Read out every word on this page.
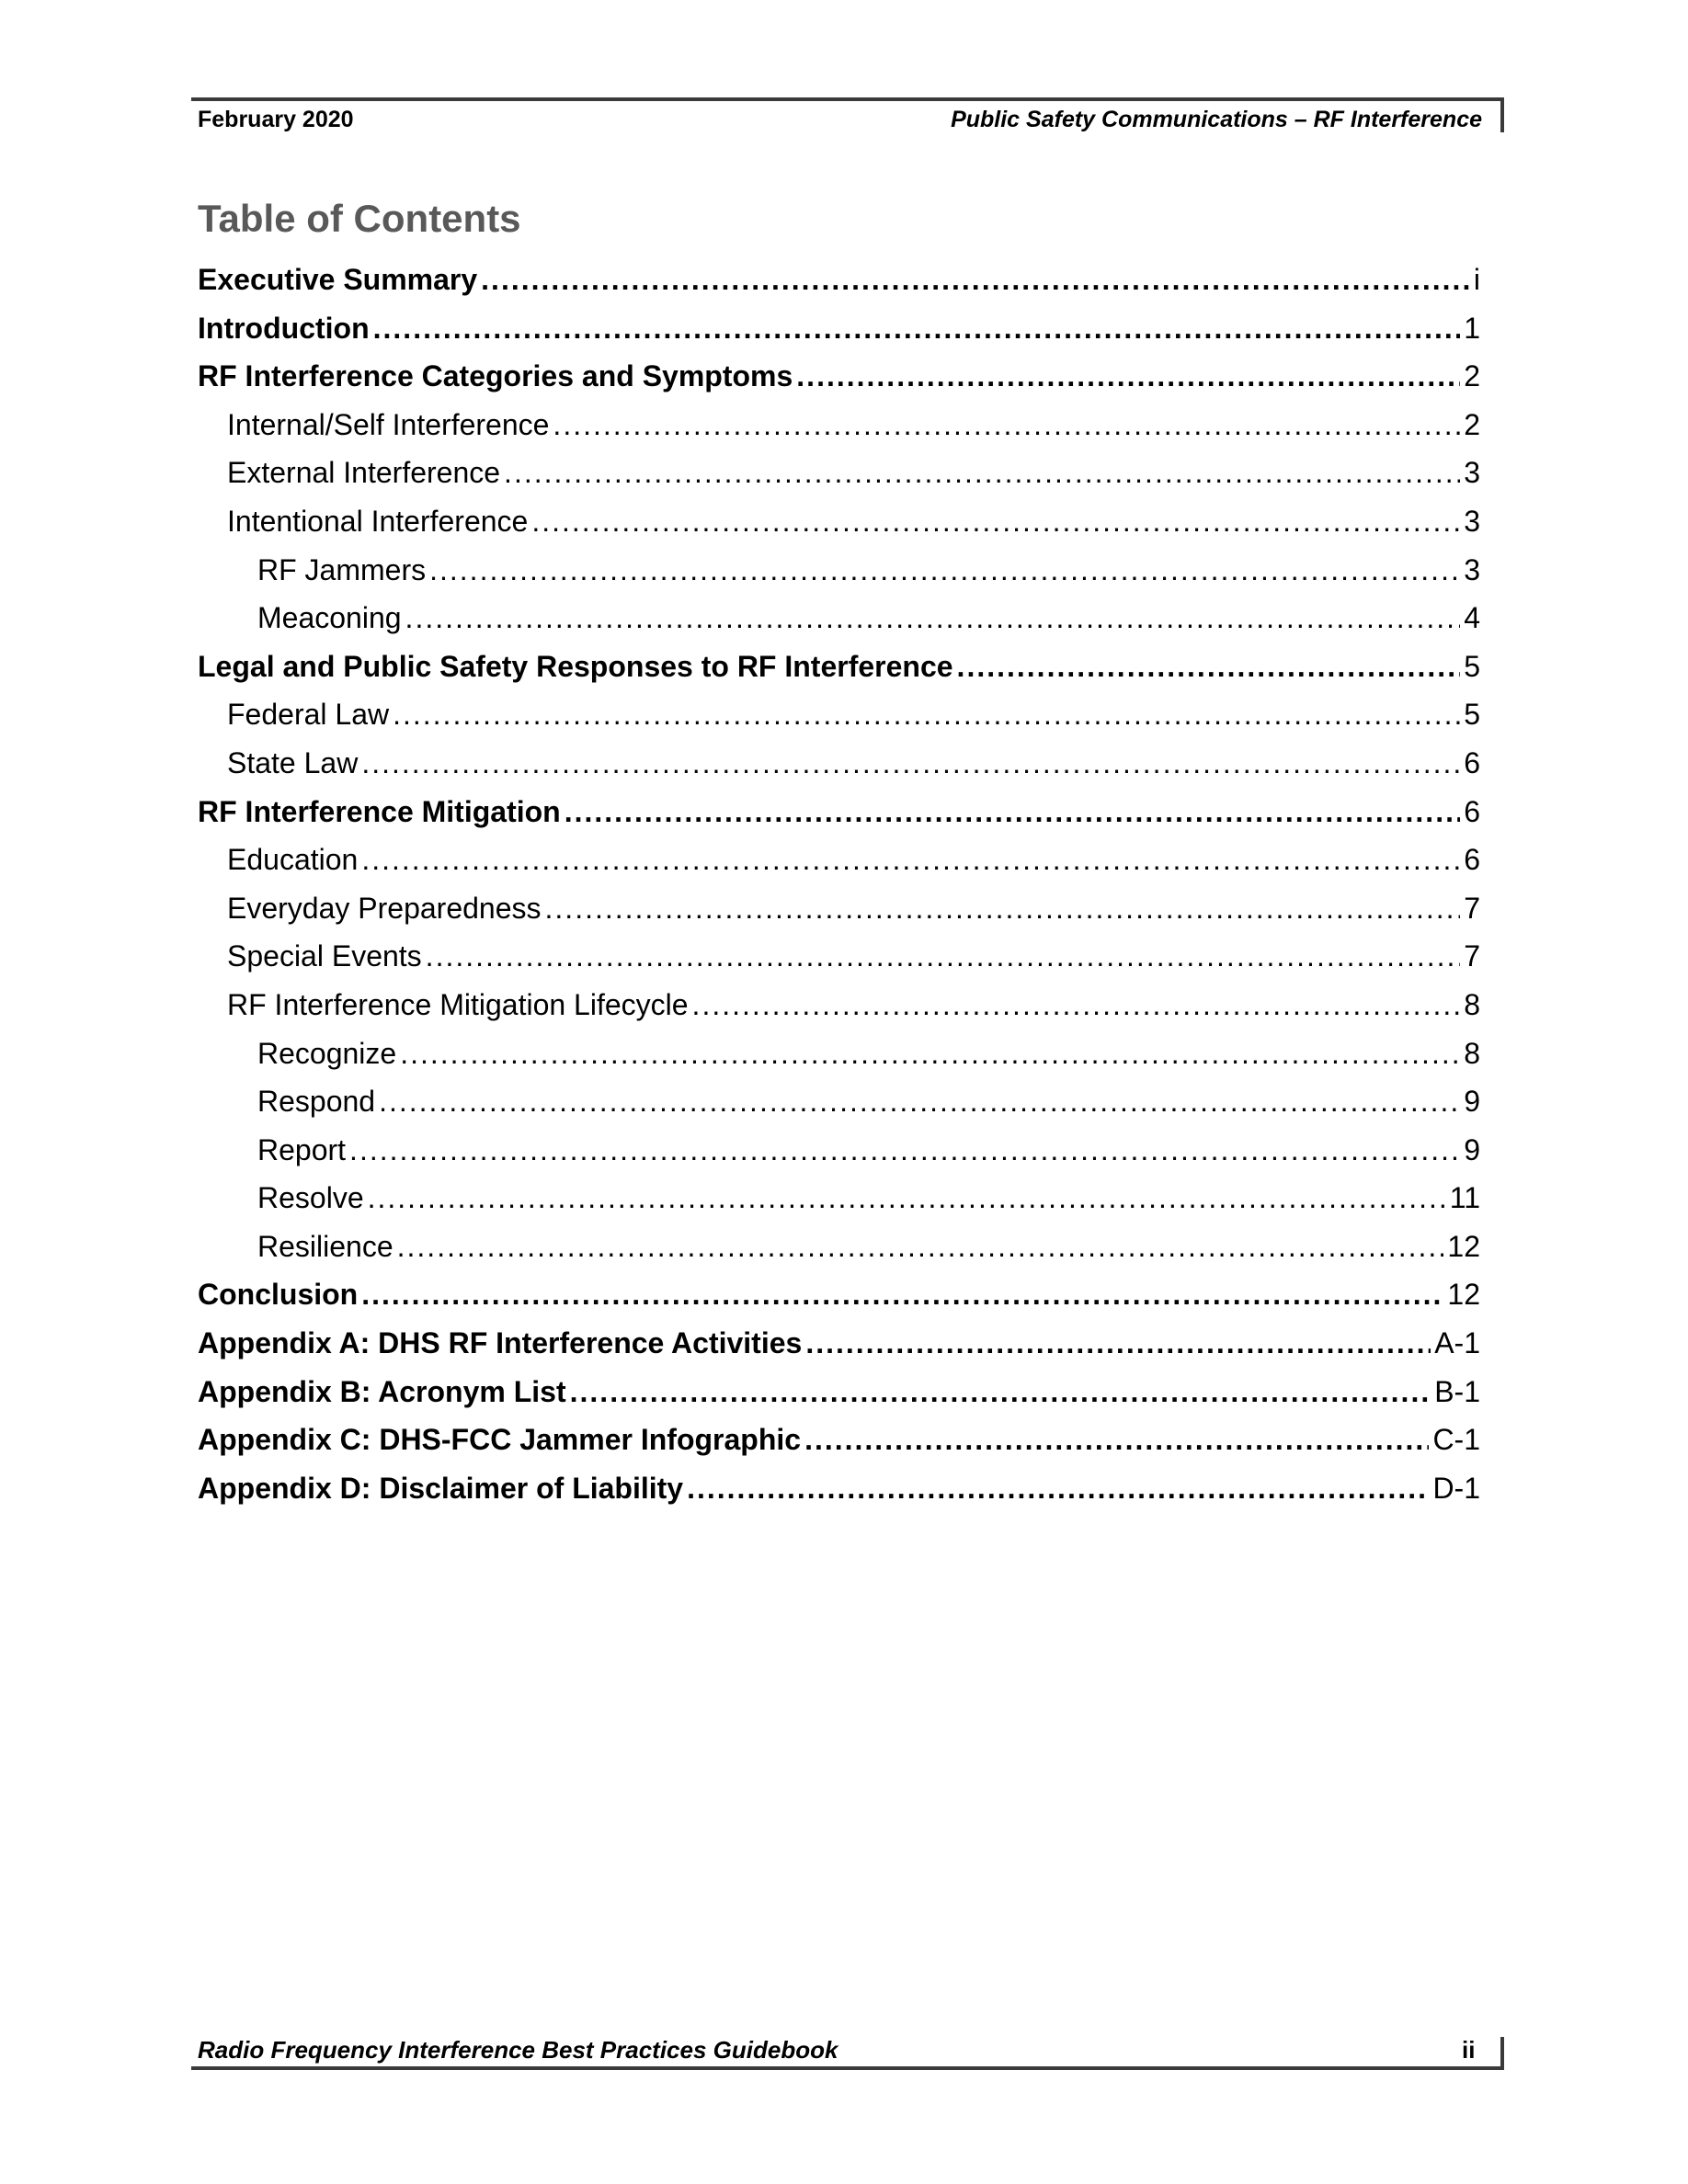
February 2020	Public Safety Communications – RF Interference
Table of Contents
Executive Summary .....	i
Introduction .....	1
RF Interference Categories and Symptoms .....	2
Internal/Self Interference .....	2
External Interference .....	3
Intentional Interference .....	3
RF Jammers .....	3
Meaconing .....	4
Legal and Public Safety Responses to RF Interference .....	5
Federal Law .....	5
State Law .....	6
RF Interference Mitigation .....	6
Education .....	6
Everyday Preparedness .....	7
Special Events .....	7
RF Interference Mitigation Lifecycle .....	8
Recognize .....	8
Respond .....	9
Report .....	9
Resolve .....	11
Resilience .....	12
Conclusion .....	12
Appendix A: DHS RF Interference Activities .....	A-1
Appendix B: Acronym List .....	B-1
Appendix C: DHS-FCC Jammer Infographic .....	C-1
Appendix D: Disclaimer of Liability .....	D-1
Radio Frequency Interference Best Practices Guidebook	ii
